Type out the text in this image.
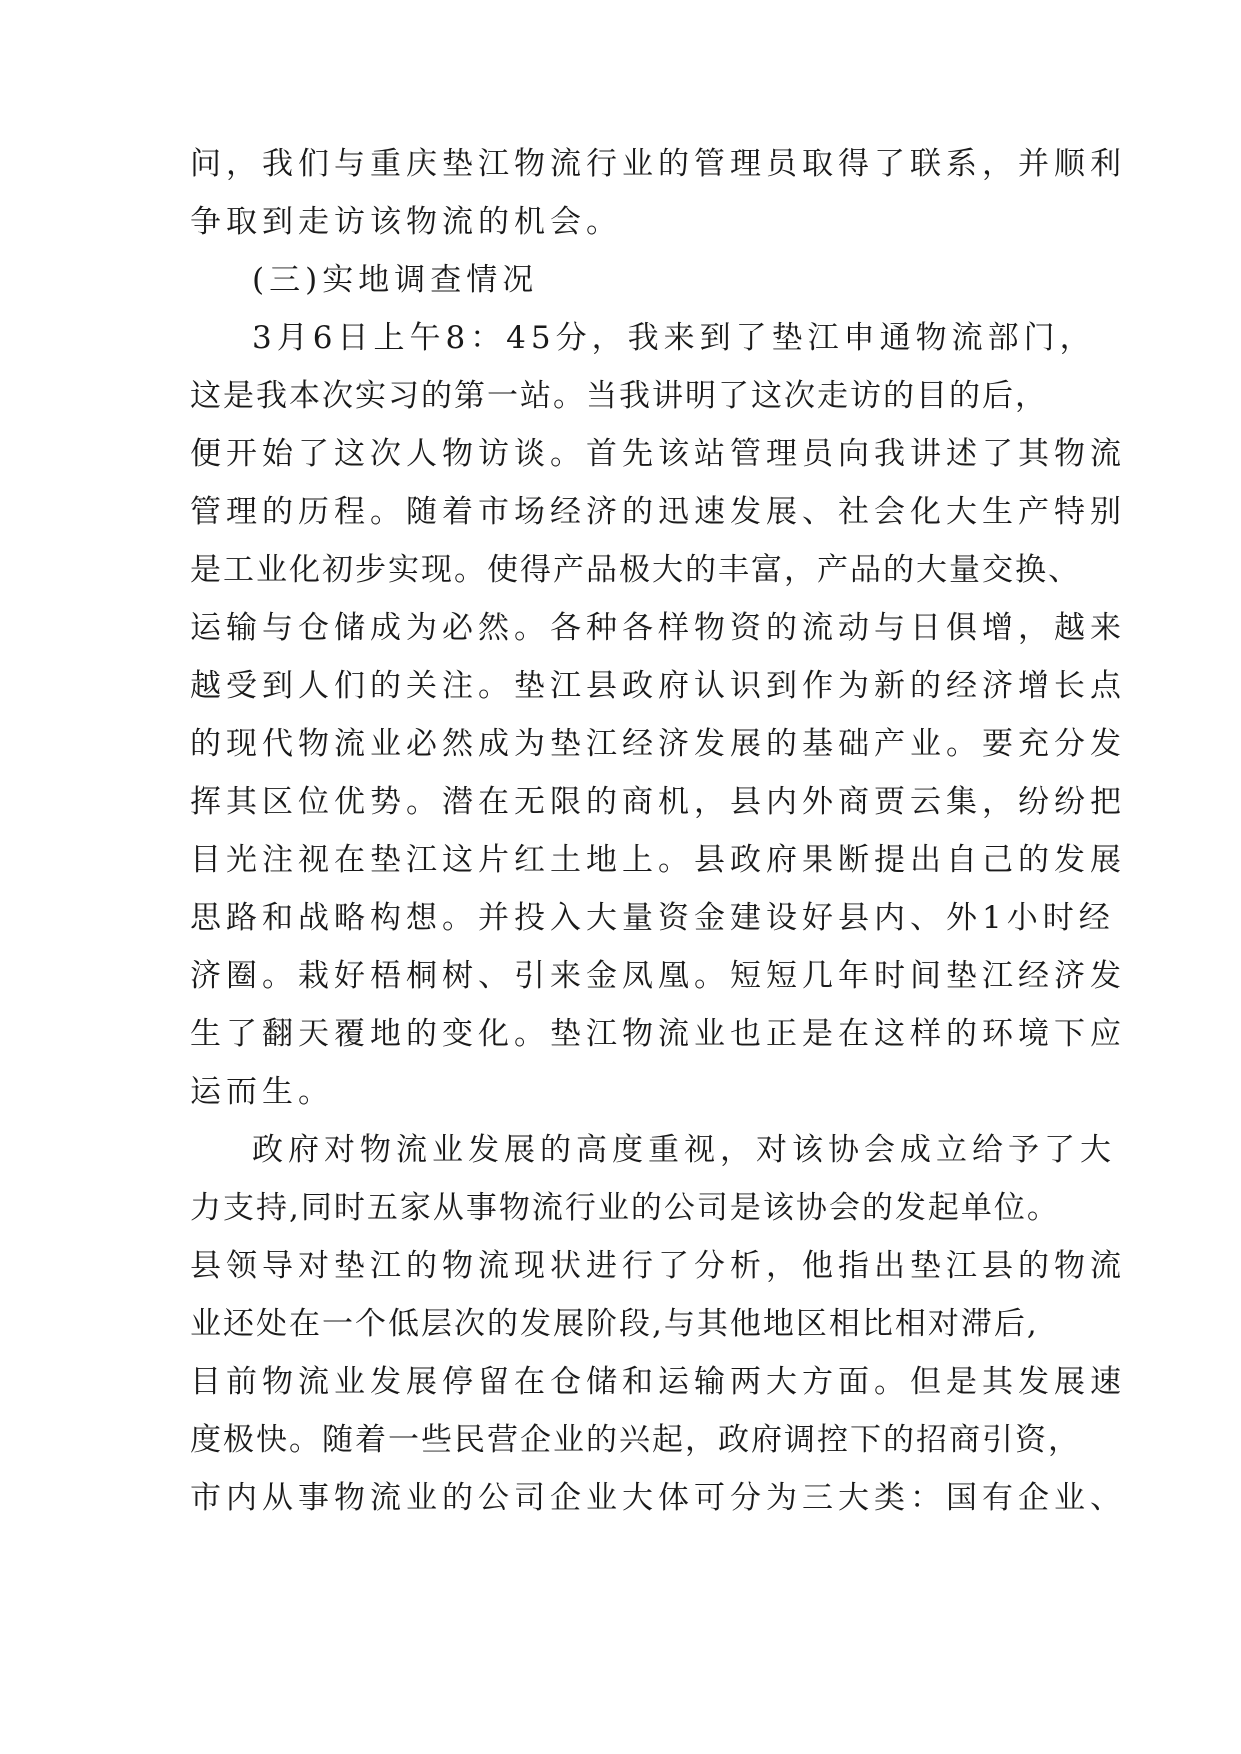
问，我们与重庆垫江物流行业的管理员取得了联系，并顺利
争取到走访该物流的机会。
(三)实地调查情况
3月6日上午8：45分，我来到了垫江申通物流部门，
这是我本次实习的第一站。当我讲明了这次走访的目的后，
便开始了这次人物访谈。首先该站管理员向我讲述了其物流
管理的历程。随着市场经济的迅速发展、社会化大生产特别
是工业化初步实现。使得产品极大的丰富，产品的大量交换、
运输与仓储成为必然。各种各样物资的流动与日俱增，越来
越受到人们的关注。垫江县政府认识到作为新的经济增长点
的现代物流业必然成为垫江经济发展的基础产业。要充分发
挥其区位优势。潜在无限的商机，县内外商贾云集，纷纷把
目光注视在垫江这片红土地上。县政府果断提出自己的发展
思路和战略构想。并投入大量资金建设好县内、外1小时经
济圈。栽好梧桐树、引来金凤凰。短短几年时间垫江经济发
生了翻天覆地的变化。垫江物流业也正是在这样的环境下应
运而生。
政府对物流业发展的高度重视，对该协会成立给予了大
力支持,同时五家从事物流行业的公司是该协会的发起单位。
县领导对垫江的物流现状进行了分析，他指出垫江县的物流
业还处在一个低层次的发展阶段,与其他地区相比相对滞后,
目前物流业发展停留在仓储和运输两大方面。但是其发展速
度极快。随着一些民营企业的兴起，政府调控下的招商引资，
市内从事物流业的公司企业大体可分为三大类：国有企业、
